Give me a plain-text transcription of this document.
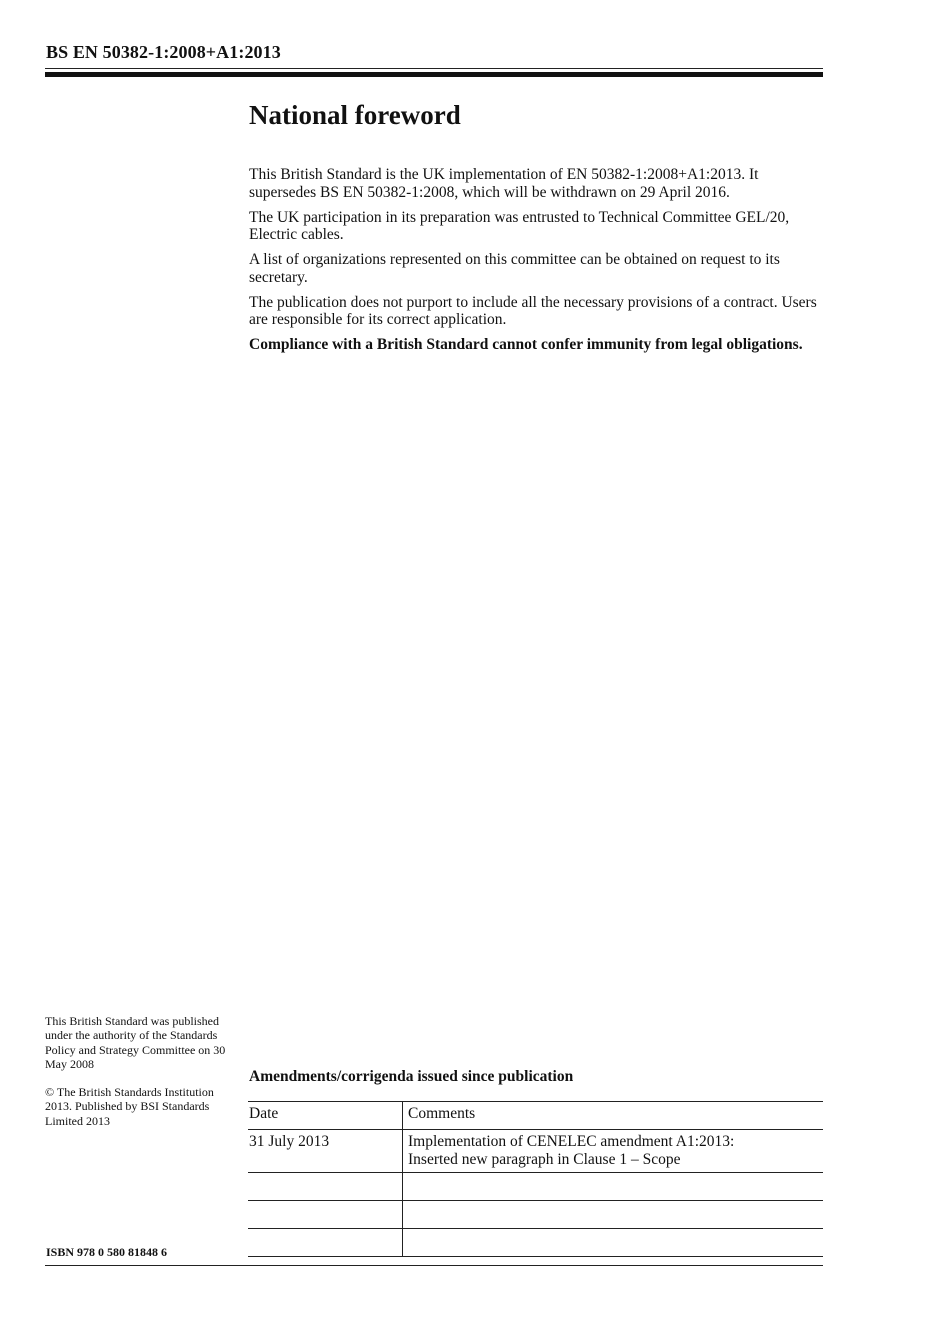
BS EN 50382-1:2008+A1:2013
National foreword

This British Standard is the UK implementation of EN 50382-1:2008+A1:2013. It supersedes BS EN 50382-1:2008, which will be withdrawn on 29 April 2016.

The UK participation in its preparation was entrusted to Technical Committee GEL/20, Electric cables.

A list of organizations represented on this committee can be obtained on request to its secretary.

The publication does not purport to include all the necessary provisions of a contract. Users are responsible for its correct application.

Compliance with a British Standard cannot confer immunity from legal obligations.

This British Standard was published under the authority of the Standards Policy and Strategy Committee on 30 May 2008

© The British Standards Institution 2013. Published by BSI Standards Limited 2013

Amendments/corrigenda issued since publication
Date	Comments
31 July 2013	Implementation of CENELEC amendment A1:2013:
Inserted new paragraph in Clause 1 – Scope

ISBN 978 0 580 81848 6
